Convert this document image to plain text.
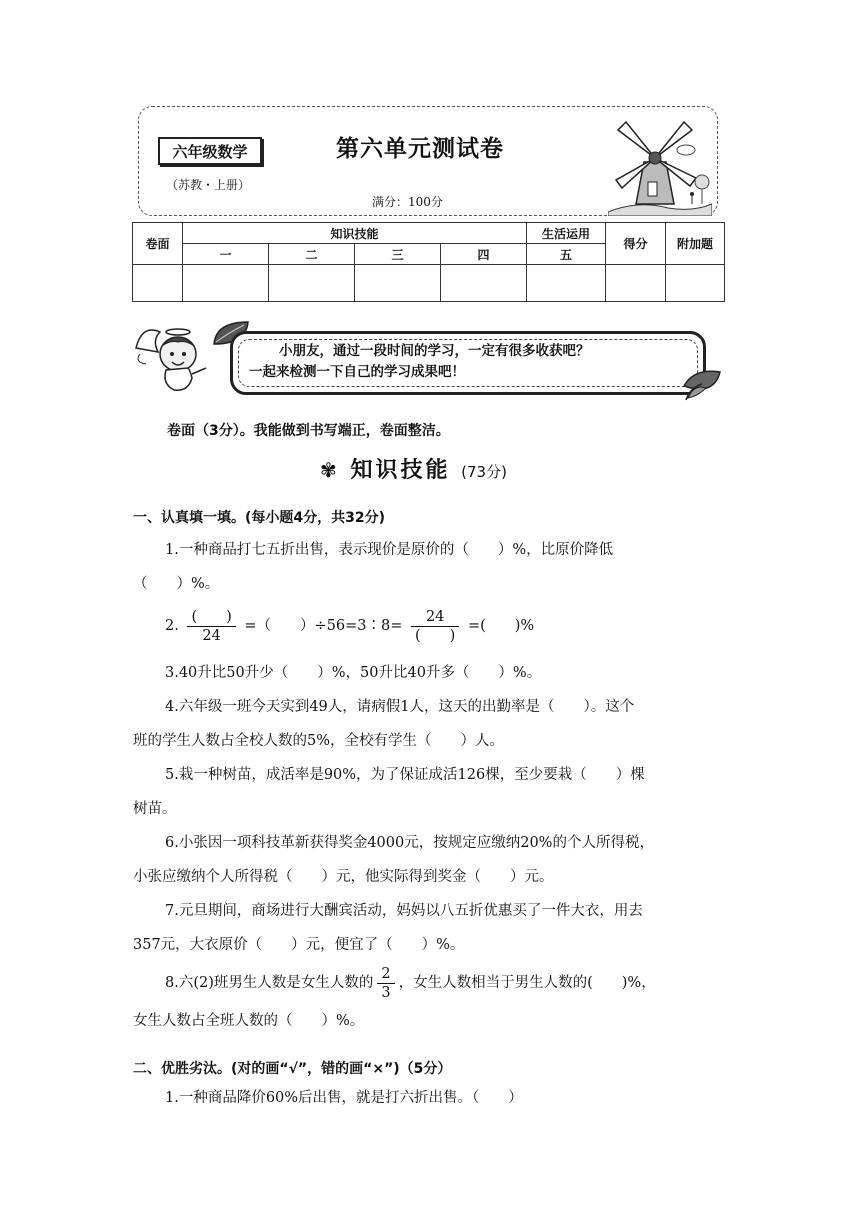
六年级数学
（苏教・上册）
第六单元测试卷
满分：100分
卷面	知识技能				生活运用	得分	附加题
	一	二	三	四	五		

小朋友，通过一段时间的学习，一定有很多收获吧？
一起来检测一下自己的学习成果吧！
卷面（3分）。我能做到书写端正，卷面整洁。
✾ 知识技能 (73分)
一、认真填一填。(每小题4分，共32分)
1.一种商品打七五折出售，表示现价是原价的（　　）%，比原价降低
（　　）%。
2. $\frac{( )}{24}$ =（　　）÷56=3∶8= $\frac{24}{( )}$ =(　　)%
3.40升比50升少（　　）%，50升比40升多（　　）%。
4.六年级一班今天实到49人，请病假1人，这天的出勤率是（　　）。这个
班的学生人数占全校人数的5%，全校有学生（　　）人。
5.栽一种树苗，成活率是90%，为了保证成活126棵，至少要栽（　　）棵
树苗。
6.小张因一项科技革新获得奖金4000元，按规定应缴纳20%的个人所得税，
小张应缴纳个人所得税（　　）元，他实际得到奖金（　　）元。
7.元旦期间，商场进行大酬宾活动，妈妈以八五折优惠买了一件大衣，用去
357元，大衣原价（　　）元，便宜了（　　）%。
8.六(2)班男生人数是女生人数的 $\frac{2}{3}$ ，女生人数相当于男生人数的(　　)%，
女生人数占全班人数的（　　）%。
二、优胜劣汰。(对的画“√”，错的画“×”)（5分）
1.一种商品降价60%后出售，就是打六折出售。（　　）
